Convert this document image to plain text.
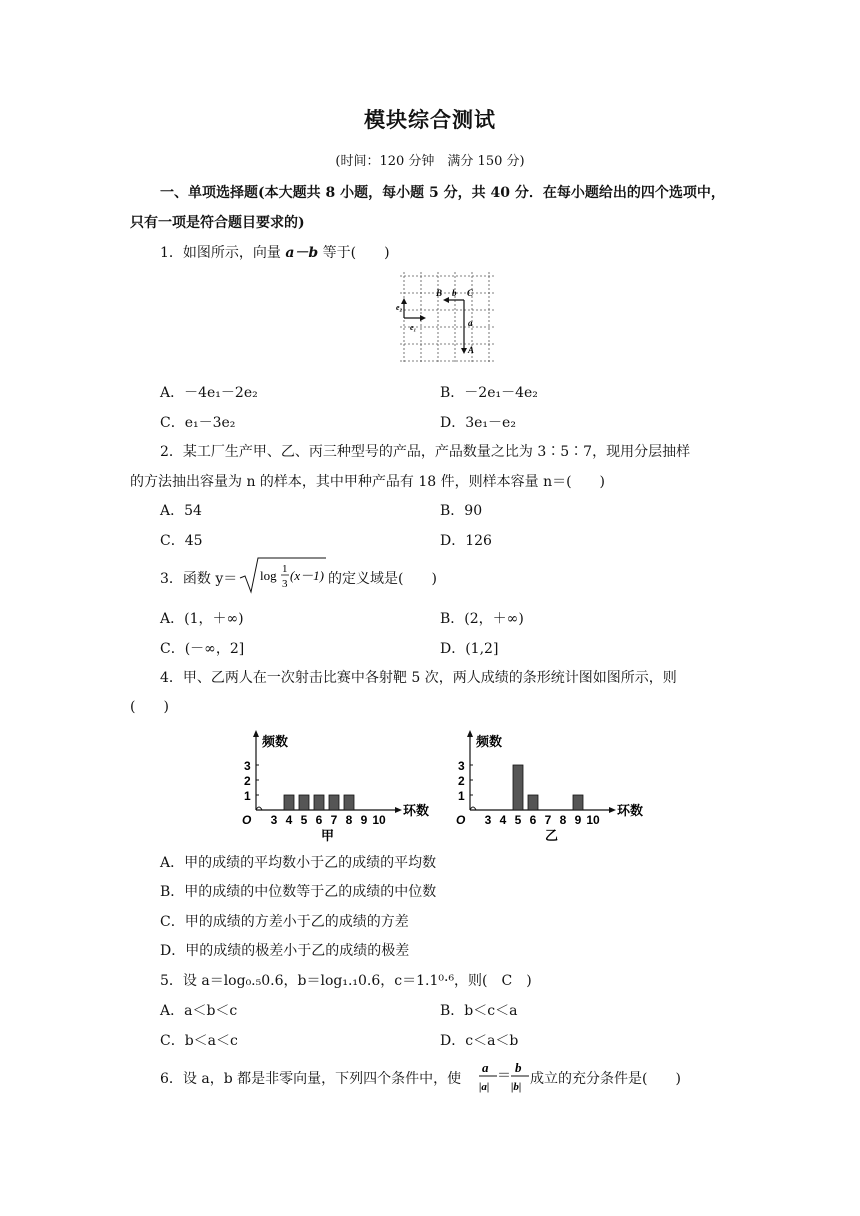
模块综合测试
(时间：120 分钟　满分 150 分)
一、单项选择题(本大题共 8 小题，每小题 5 分，共 40 分．在每小题给出的四个选项中，
只有一项是符合题目要求的)
1．如图所示，向量 a－b 等于(　　)
B b C
a
A
e₁
e₂
A．－4e₁－2e₂	B．－2e₁－4e₂
C．e₁－3e₂	D．3e₁－e₂
2．某工厂生产甲、乙、丙三种型号的产品，产品数量之比为 3∶5∶7，现用分层抽样
的方法抽出容量为 n 的样本，其中甲种产品有 18 件，则样本容量 n＝(　　)
A．54	B．90
C．45	D．126
3．函数 y＝ log 1
3
(x－1) 的定义域是(　　)
A．(1，＋∞)	B．(2，＋∞)
C．(－∞，2]	D．(1,2]
4．甲、乙两人在一次射击比赛中各射靶 5 次，两人成绩的条形统计图如图所示，则
(　　)
O
频数
环数
甲
3 4 5 6 7 8 9 10
1
2
3
O
频数
环数
乙
3 4 5 6 7 8 9 10
1
2
3
A．甲的成绩的平均数小于乙的成绩的平均数
B．甲的成绩的中位数等于乙的成绩的中位数
C．甲的成绩的方差小于乙的成绩的方差
D．甲的成绩的极差小于乙的成绩的极差
5．设 a＝log₀.₅0.6，b＝log₁.₁0.6，c＝1.1⁰·⁶，则(　C　)
A．a＜b＜c	B．b＜c＜a
C．b＜a＜c	D．c＜a＜b
6．设 a，b 都是非零向量，下列四个条件中，使
a
|a|
＝
b
|b| 成立的充分条件是(　　)
